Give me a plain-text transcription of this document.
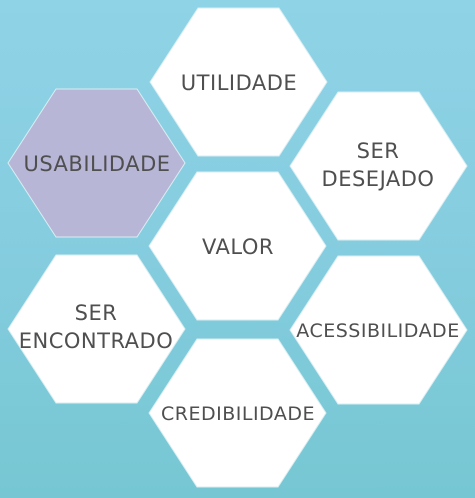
UTILIDADE
USABILIDADE
SER
DESEJADO
VALOR
SER
ENCONTRADO	ACESSIBILIDADE
CREDIBILIDADE
